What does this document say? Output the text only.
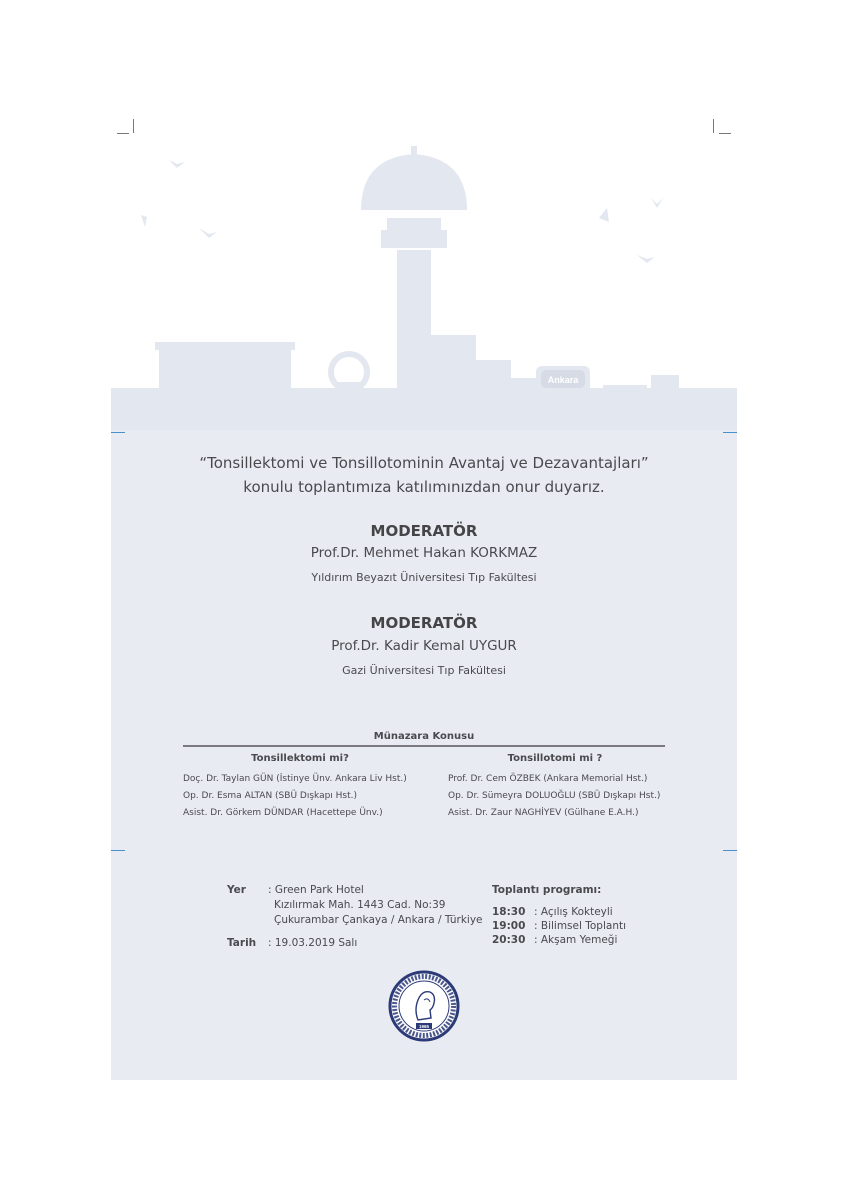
Ankara
“Tonsillektomi ve Tonsillotominin Avantaj ve Dezavantajları”
konulu toplantımıza katılımınızdan onur duyarız.
MODERATÖR
Prof.Dr. Mehmet Hakan KORKMAZ
Yıldırım Beyazıt Üniversitesi Tıp Fakültesi
MODERATÖR
Prof.Dr. Kadir Kemal UYGUR
Gazi Üniversitesi Tıp Fakültesi
Münazara Konusu
Tonsillektomi mi?	Tonsillotomi mi ?
Doç. Dr. Taylan GÜN (İstinye Ünv. Ankara Liv Hst.)
Op. Dr. Esma ALTAN (SBÜ Dışkapı Hst.)
Asist. Dr. Görkem DÜNDAR (Hacettepe Ünv.)
Prof. Dr. Cem ÖZBEK (Ankara Memorial Hst.)
Op. Dr. Sümeyra DOLUOĞLU (SBÜ Dışkapı Hst.)
Asist. Dr. Zaur NAGHİYEV (Gülhane E.A.H.)
Yer : Green Park Hotel
Kızılırmak Mah. 1443 Cad. No:39
Çukurambar Çankaya / Ankara / Türkiye
Tarih : 19.03.2019 Salı
Toplantı programı:
18:30 : Açılış Kokteyli
19:00 : Bilimsel Toplantı
20:30 : Akşam Yemeği
1965
